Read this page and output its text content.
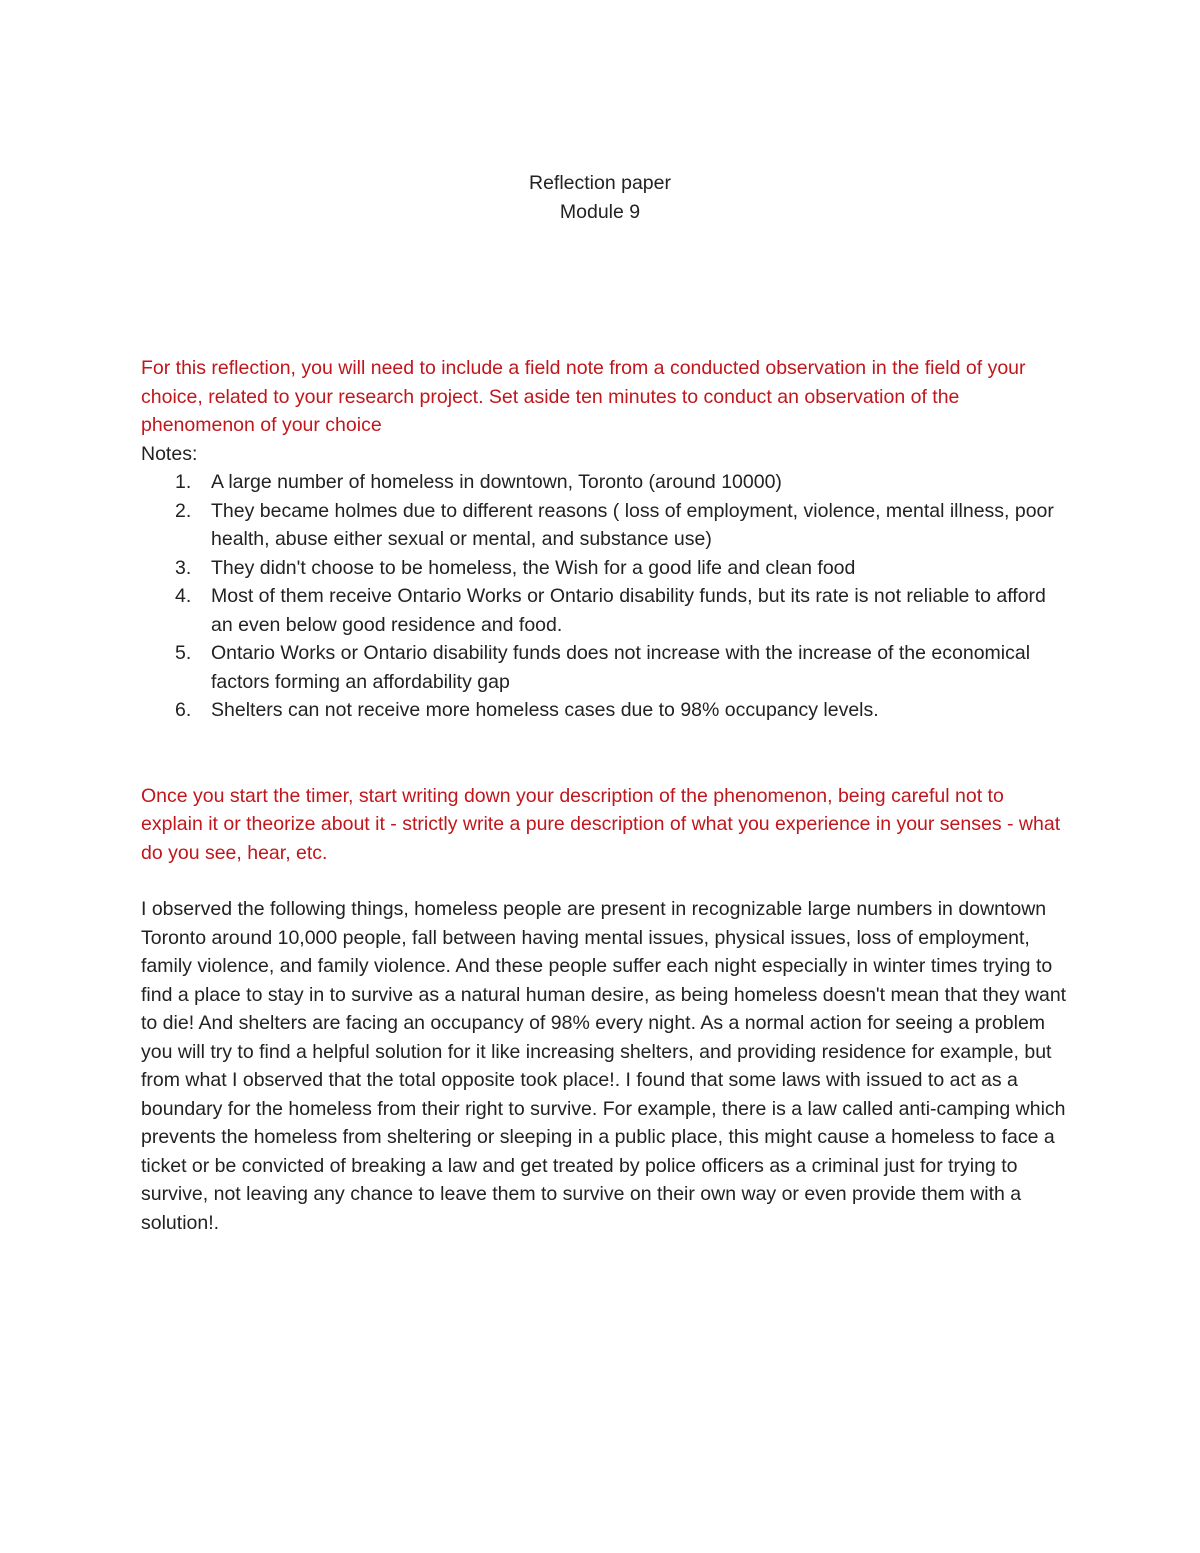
Reflection paper
Module 9

For this reflection, you will need to include a field note from a conducted observation in the field of your choice, related to your research project. Set aside ten minutes to conduct an observation of the phenomenon of your choice

Notes:

1. A large number of homeless in downtown, Toronto (around 10000)
2. They became holmes due to different reasons ( loss of employment, violence, mental illness, poor health, abuse either sexual or mental, and substance use)
3. They didn't choose to be homeless, the Wish for a good life and clean food
4. Most of them receive Ontario Works or Ontario disability funds, but its rate is not reliable to afford an even below good residence and food.
5. Ontario Works or Ontario disability funds does not increase with the increase of the economical factors forming an affordability gap
6. Shelters can not receive more homeless cases due to 98% occupancy levels.

Once you start the timer, start writing down your description of the phenomenon, being careful not to explain it or theorize about it - strictly write a pure description of what you experience in your senses - what do you see, hear, etc.

I observed the following things, homeless people are present in recognizable large numbers in downtown Toronto around 10,000 people, fall between having mental issues, physical issues, loss of employment, family violence, and family violence. And these people suffer each night especially in winter times trying to find a place to stay in to survive as a natural human desire, as being homeless doesn't mean that they want to die! And shelters are facing an occupancy of 98% every night. As a normal action for seeing a problem you will try to find a helpful solution for it like increasing shelters, and providing residence for example, but from what I observed that the total opposite took place!. I found that some laws with issued to act as a boundary for the homeless from their right to survive. For example, there is a law called anti-camping which prevents the homeless from sheltering or sleeping in a public place, this might cause a homeless to face a ticket or be convicted of breaking a law and get treated by police officers as a criminal just for trying to survive, not leaving any chance to leave them to survive on their own way or even provide them with a solution!.
